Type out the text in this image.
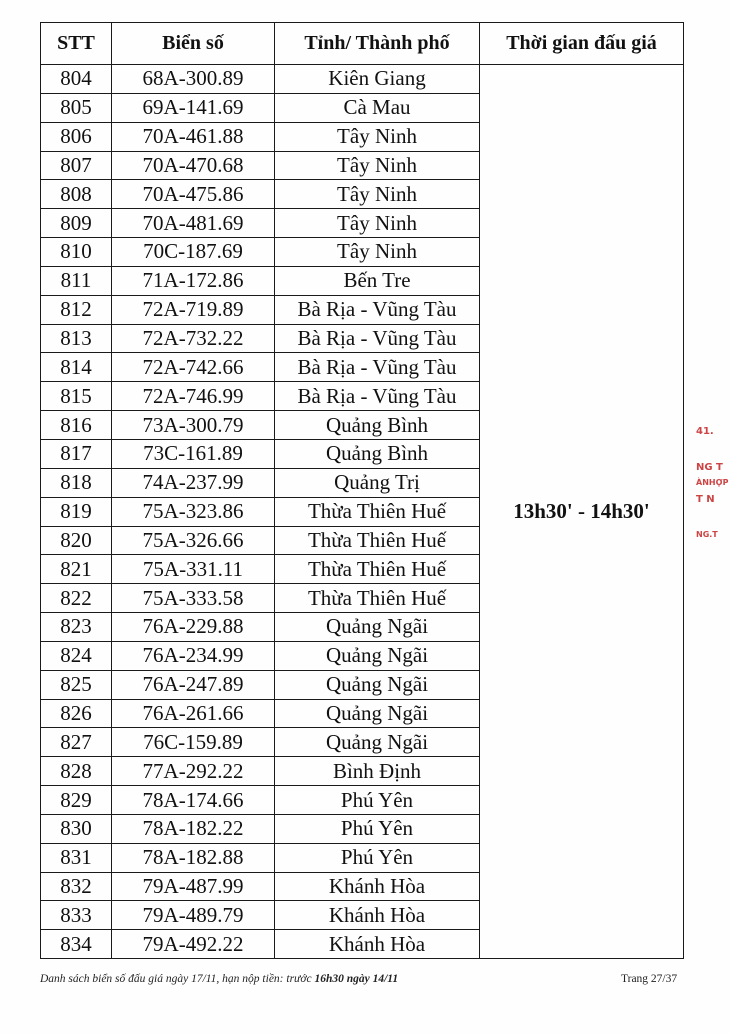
STT	Biển số	Tỉnh/ Thành phố	Thời gian đấu giá
804	68A-300.89	Kiên Giang	13h30' - 14h30'
805	69A-141.69	Cà Mau	
806	70A-461.88	Tây Ninh	
807	70A-470.68	Tây Ninh	
808	70A-475.86	Tây Ninh	
809	70A-481.69	Tây Ninh	
810	70C-187.69	Tây Ninh	
811	71A-172.86	Bến Tre	
812	72A-719.89	Bà Rịa - Vũng Tàu	
813	72A-732.22	Bà Rịa - Vũng Tàu	
814	72A-742.66	Bà Rịa - Vũng Tàu	
815	72A-746.99	Bà Rịa - Vũng Tàu	
816	73A-300.79	Quảng Bình	
817	73C-161.89	Quảng Bình	
818	74A-237.99	Quảng Trị	
819	75A-323.86	Thừa Thiên Huế	
820	75A-326.66	Thừa Thiên Huế	
821	75A-331.11	Thừa Thiên Huế	
822	75A-333.58	Thừa Thiên Huế	
823	76A-229.88	Quảng Ngãi	
824	76A-234.99	Quảng Ngãi	
825	76A-247.89	Quảng Ngãi	
826	76A-261.66	Quảng Ngãi	
827	76C-159.89	Quảng Ngãi	
828	77A-292.22	Bình Định	
829	78A-174.66	Phú Yên	
830	78A-182.22	Phú Yên	
831	78A-182.88	Phú Yên	
832	79A-487.99	Khánh Hòa	
833	79A-489.79	Khánh Hòa	
834	79A-492.22	Khánh Hòa	
Danh sách biển số đấu giá ngày 17/11, hạn nộp tiền: trước 16h30 ngày 14/11	Trang 27/37
41.
NG T
ÀNHỢP
T N
NG.T
